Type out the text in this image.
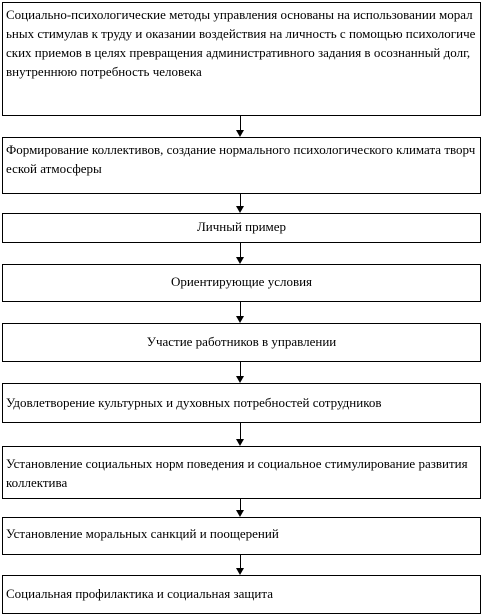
Социально-психологические методы управления основаны на использовании моральных стимулав к труду и оказании воздействия на личность с помощью психологических приемов в целях превращения административного задания в осознанный долг, внутреннюю потребность человека
Формирование коллективов, создание нормального психологического климата творческой атмосферы
Личный пример
Ориентирующие условия
Участие работников в управлении
Удовлетворение культурных и духовных потребностей сотрудников
Установление социальных норм поведения и социальное стимулирование развития коллектива
Установление моральных санкций и поощерений
Социальная профилактика и социальная защита
